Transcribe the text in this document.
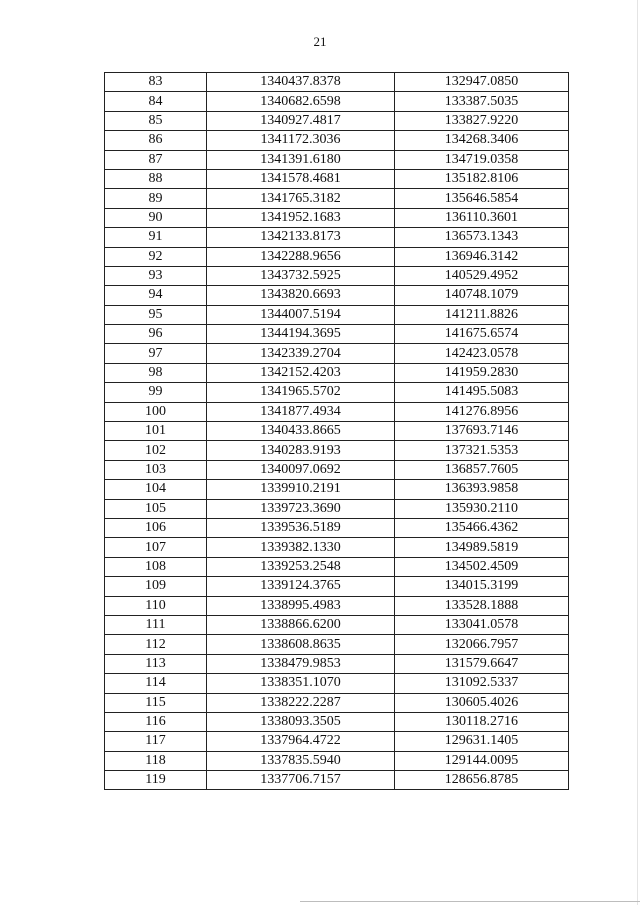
21
83	1340437.8378	132947.0850
84	1340682.6598	133387.5035
85	1340927.4817	133827.9220
86	1341172.3036	134268.3406
87	1341391.6180	134719.0358
88	1341578.4681	135182.8106
89	1341765.3182	135646.5854
90	1341952.1683	136110.3601
91	1342133.8173	136573.1343
92	1342288.9656	136946.3142
93	1343732.5925	140529.4952
94	1343820.6693	140748.1079
95	1344007.5194	141211.8826
96	1344194.3695	141675.6574
97	1342339.2704	142423.0578
98	1342152.4203	141959.2830
99	1341965.5702	141495.5083
100	1341877.4934	141276.8956
101	1340433.8665	137693.7146
102	1340283.9193	137321.5353
103	1340097.0692	136857.7605
104	1339910.2191	136393.9858
105	1339723.3690	135930.2110
106	1339536.5189	135466.4362
107	1339382.1330	134989.5819
108	1339253.2548	134502.4509
109	1339124.3765	134015.3199
110	1338995.4983	133528.1888
111	1338866.6200	133041.0578
112	1338608.8635	132066.7957
113	1338479.9853	131579.6647
114	1338351.1070	131092.5337
115	1338222.2287	130605.4026
116	1338093.3505	130118.2716
117	1337964.4722	129631.1405
118	1337835.5940	129144.0095
119	1337706.7157	128656.8785
